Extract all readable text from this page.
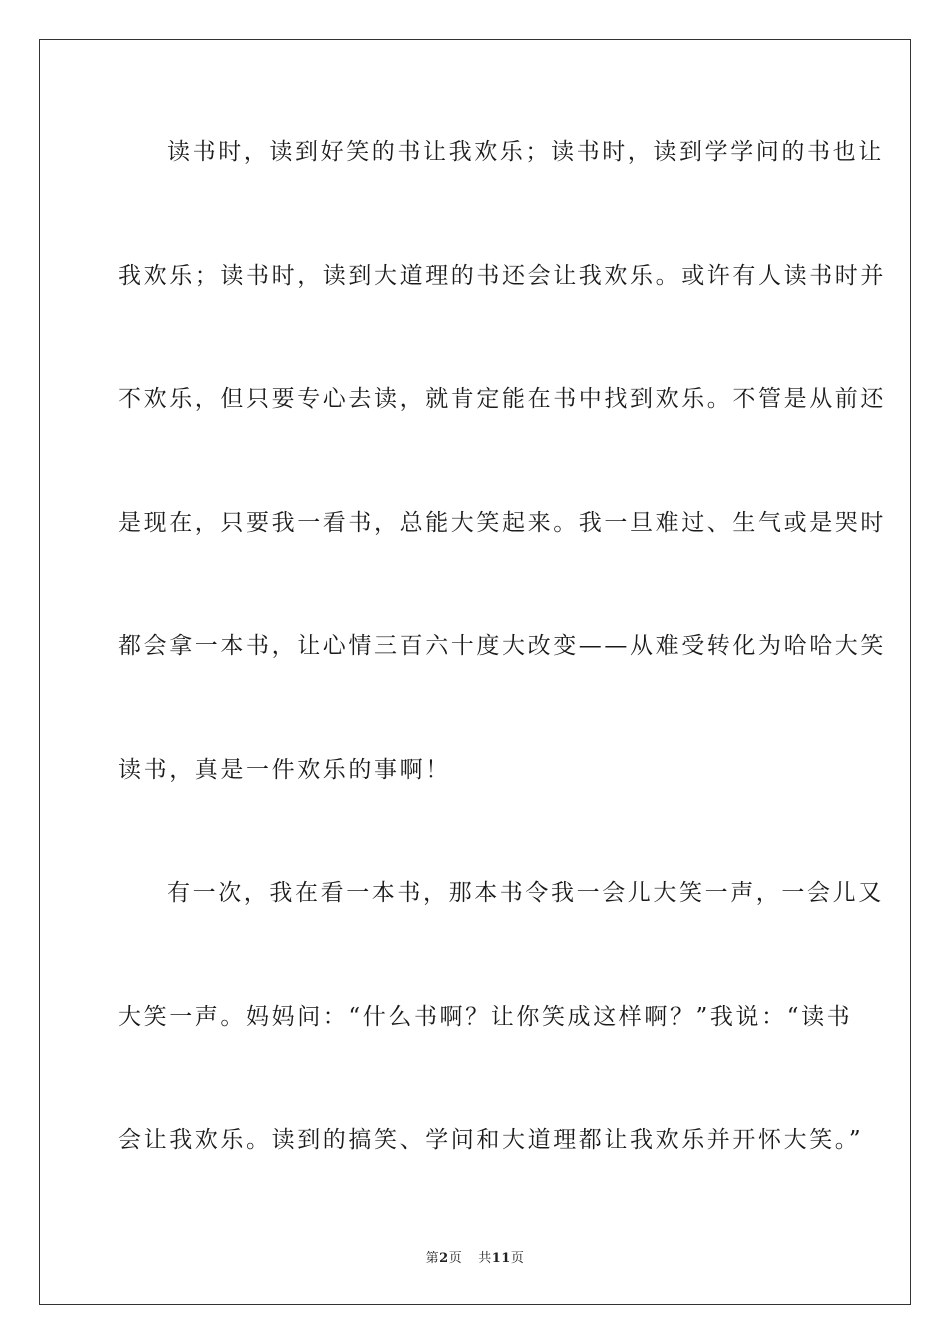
读书时，读到好笑的书让我欢乐；读书时，读到学学问的书也让
我欢乐；读书时，读到大道理的书还会让我欢乐。或许有人读书时并
不欢乐，但只要专心去读，就肯定能在书中找到欢乐。不管是从前还
是现在，只要我一看书，总能大笑起来。我一旦难过、生气或是哭时
都会拿一本书，让心情三百六十度大改变——从难受转化为哈哈大笑
读书，真是一件欢乐的事啊！
有一次，我在看一本书，那本书令我一会儿大笑一声，一会儿又
大笑一声。妈妈问：“什么书啊？让你笑成这样啊？”我说：“读书
会让我欢乐。读到的搞笑、学问和大道理都让我欢乐并开怀大笑。”
第2页 共11页
